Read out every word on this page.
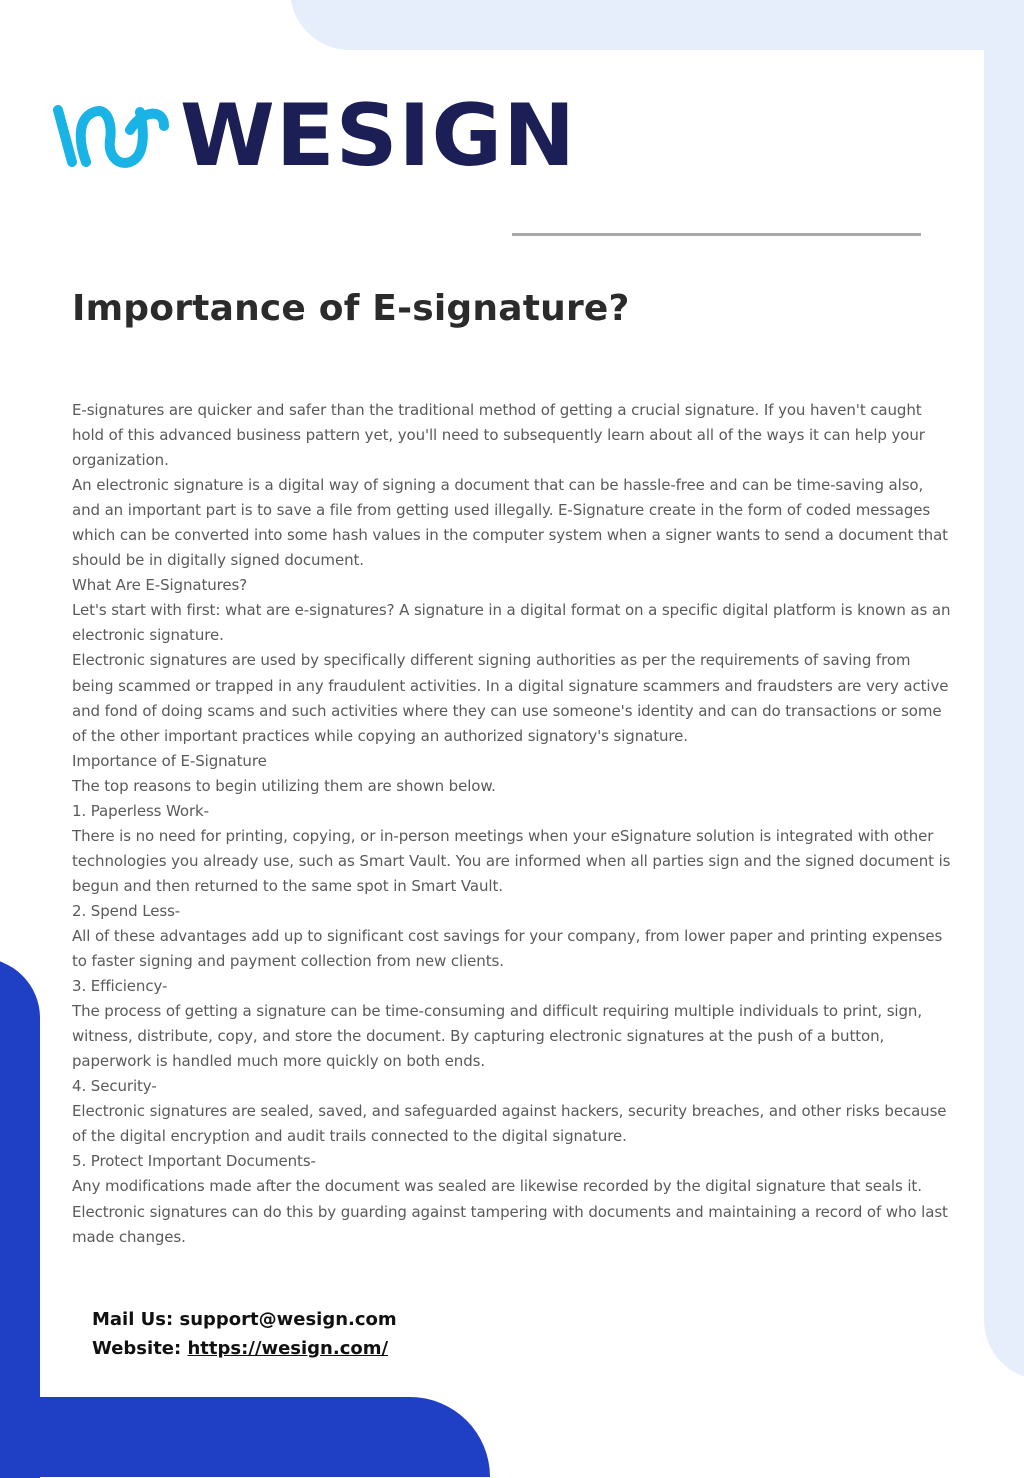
WESIGN
Importance of E-signature?

E-signatures are quicker and safer than the traditional method of getting a crucial signature. If you haven't caught hold of this advanced business pattern yet, you'll need to subsequently learn about all of the ways it can help your organization.

An electronic signature is a digital way of signing a document that can be hassle-free and can be time-saving also, and an important part is to save a file from getting used illegally. E-Signature create in the form of coded messages which can be converted into some hash values in the computer system when a signer wants to send a document that should be in digitally signed document.

What Are E-Signatures?

Let's start with first: what are e-signatures? A signature in a digital format on a specific digital platform is known as an electronic signature.

Electronic signatures are used by specifically different signing authorities as per the requirements of saving from being scammed or trapped in any fraudulent activities. In a digital signature scammers and fraudsters are very active and fond of doing scams and such activities where they can use someone's identity and can do transactions or some of the other important practices while copying an authorized signatory's signature.

Importance of E-Signature

The top reasons to begin utilizing them are shown below.

1. Paperless Work-

There is no need for printing, copying, or in-person meetings when your eSignature solution is integrated with other technologies you already use, such as Smart Vault. You are informed when all parties sign and the signed document is begun and then returned to the same spot in Smart Vault.

2. Spend Less-

All of these advantages add up to significant cost savings for your company, from lower paper and printing expenses to faster signing and payment collection from new clients.

3. Efficiency-

The process of getting a signature can be time-consuming and difficult requiring multiple individuals to print, sign, witness, distribute, copy, and store the document. By capturing electronic signatures at the push of a button, paperwork is handled much more quickly on both ends.

4. Security-

Electronic signatures are sealed, saved, and safeguarded against hackers, security breaches, and other risks because of the digital encryption and audit trails connected to the digital signature.

5. Protect Important Documents-

Any modifications made after the document was sealed are likewise recorded by the digital signature that seals it. Electronic signatures can do this by guarding against tampering with documents and maintaining a record of who last made changes.

Mail Us: support@wesign.com
Website: https://wesign.com/
